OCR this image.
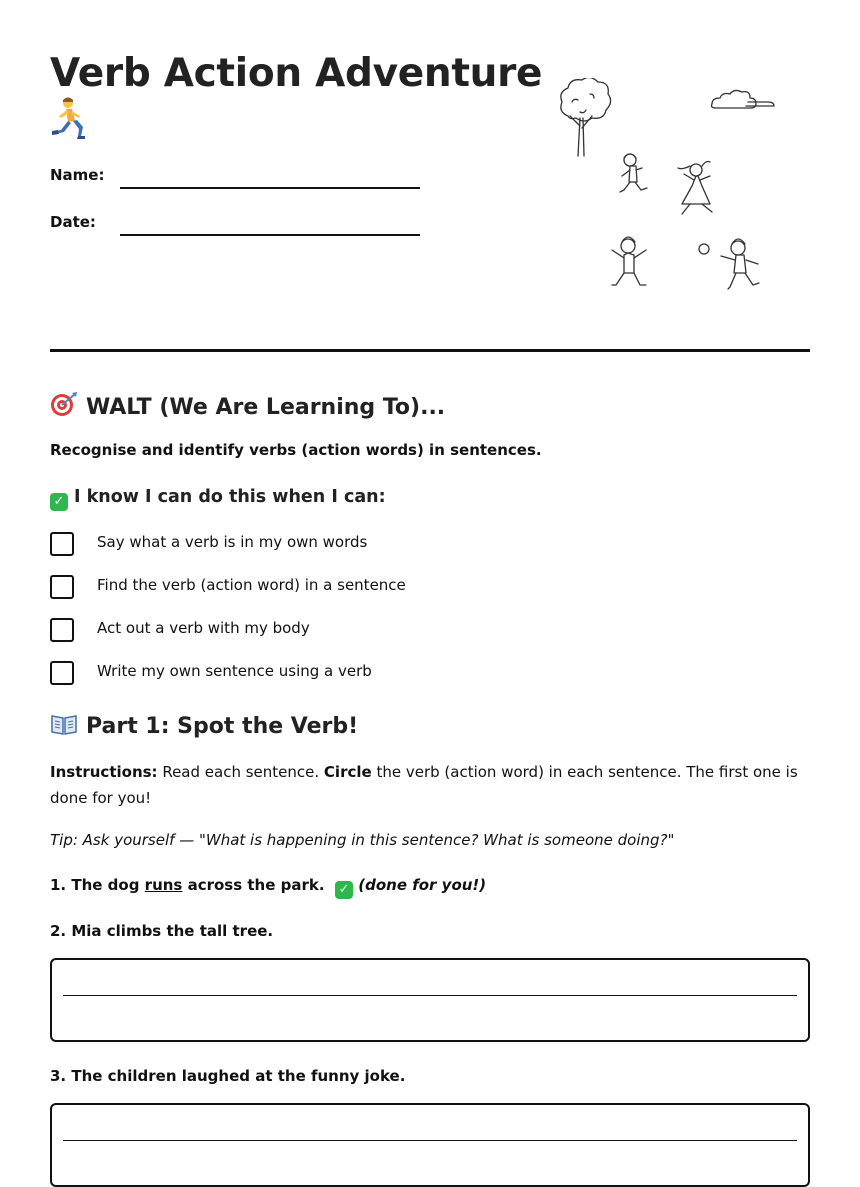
Verb Action Adventure
Name:
Date:
WALT (We Are Learning To)...
Recognise and identify verbs (action words) in sentences.
✓ I know I can do this when I can:
Say what a verb is in my own words
Find the verb (action word) in a sentence
Act out a verb with my body
Write my own sentence using a verb
Part 1: Spot the Verb!

Instructions: Read each sentence. Circle the verb (action word) in each sentence. The first one is done for you!

Tip: Ask yourself — "What is happening in this sentence? What is someone doing?"

1. The dog runs across the park. ✓ (done for you!)
2. Mia climbs the tall tree.
3. The children laughed at the funny joke.
